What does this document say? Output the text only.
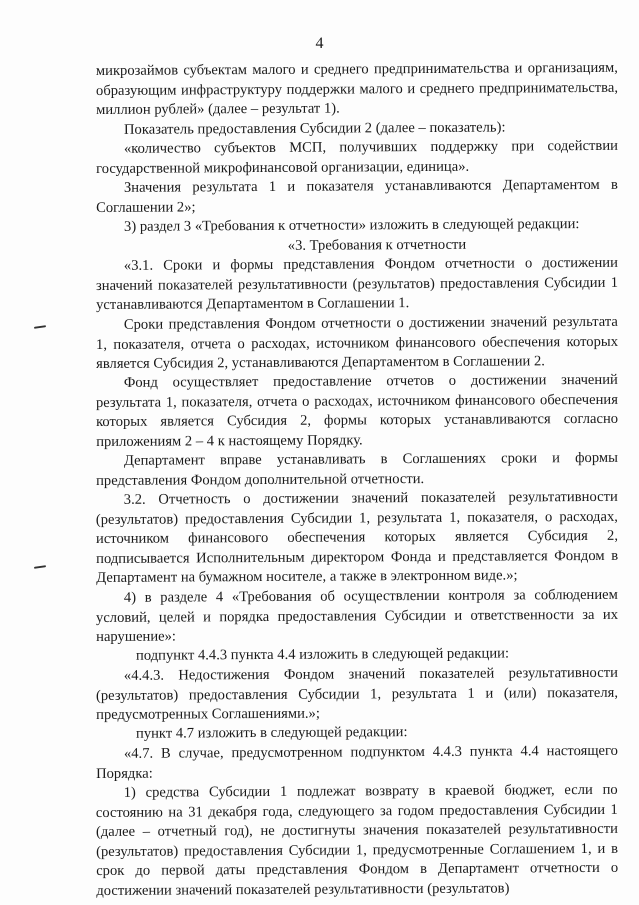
4

микрозаймов субъектам малого и среднего предпринимательства и организациям, образующим инфраструктуру поддержки малого и среднего предпринимательства, миллион рублей» (далее – результат 1).

Показатель предоставления Субсидии 2 (далее – показатель):

«количество субъектов МСП, получивших поддержку при содействии государственной микрофинансовой организации, единица».

Значения результата 1 и показателя устанавливаются Департаментом в Соглашении 2»;

3) раздел 3 «Требования к отчетности» изложить в следующей редакции:

«3. Требования к отчетности

«3.1. Сроки и формы представления Фондом отчетности о достижении значений показателей результативности (результатов) предоставления Субсидии 1 устанавливаются Департаментом в Соглашении 1.

Сроки представления Фондом отчетности о достижении значений результата 1, показателя, отчета о расходах, источником финансового обеспечения которых является Субсидия 2, устанавливаются Департаментом в Соглашении 2.

Фонд осуществляет предоставление отчетов о достижении значений результата 1, показателя, отчета о расходах, источником финансового обеспечения которых является Субсидия 2, формы которых устанавливаются согласно приложениям 2 – 4 к настоящему Порядку.

Департамент вправе устанавливать в Соглашениях сроки и формы представления Фондом дополнительной отчетности.

3.2. Отчетность о достижении значений показателей результативности (результатов) предоставления Субсидии 1, результата 1, показателя, о расходах, источником финансового обеспечения которых является Субсидия 2, подписывается Исполнительным директором Фонда и представляется Фондом в Департамент на бумажном носителе, а также в электронном виде.»;

4) в разделе 4 «Требования об осуществлении контроля за соблюдением условий, целей и порядка предоставления Субсидии и ответственности за их нарушение»:

подпункт 4.4.3 пункта 4.4 изложить в следующей редакции:

«4.4.3. Недостижения Фондом значений показателей результативности (результатов) предоставления Субсидии 1, результата 1 и (или) показателя, предусмотренных Соглашениями.»;

пункт 4.7 изложить в следующей редакции:

«4.7. В случае, предусмотренном подпунктом 4.4.3 пункта 4.4 настоящего Порядка:

1) средства Субсидии 1 подлежат возврату в краевой бюджет, если по состоянию на 31 декабря года, следующего за годом предоставления Субсидии 1 (далее – отчетный год), не достигнуты значения показателей результативности (результатов) предоставления Субсидии 1, предусмотренные Соглашением 1, и в срок до первой даты представления Фондом в Департамент отчетности о достижении значений показателей результативности (результатов)
